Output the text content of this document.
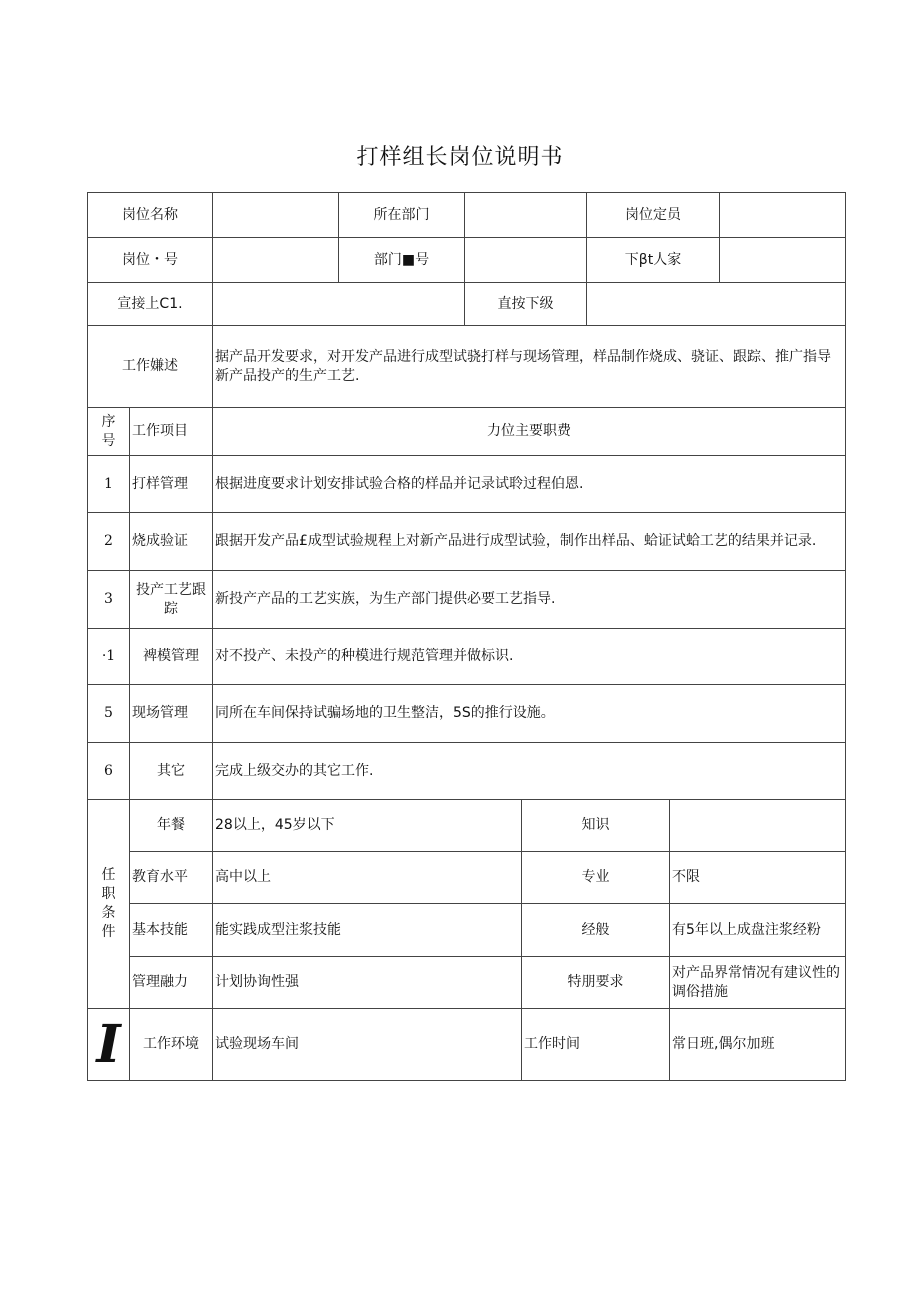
打样组长岗位说明书
岗位名称			所在部门			岗位定员		
岗位・号			部门■号			下βt人家		
宣接上C1.				直按下级				
工作嫌述		据产品开发要求，对开发产品进行成型试骁打样与现场管理，样品制作烧成、骁证、跟踪、推广指导新产品投产的生产工艺.						

序
号	工作项目	力位主要职费						
1	打样管理	根据进度要求计划安排试验合格的样品并记录试聆过程伯恩.						
2	烧成验证	跟据开发产品£成型试验规程上对新产品进行成型试验，制作出样品、蛤证试蛤工艺的结果并记录.						
3	投产工艺跟踪	新投产产品的工艺实族，为生产部门提供必要工艺指导.						
·1	裨模管理	对不投产、未投产的种模进行规范管理并做标识.						
5	现场管理	同所在车间保持试骗场地的卫生整洁，5S的推行设施。						
6	其它	完成上级交办的其它工作.						

任
职
条
件	年餐	28以上，45岁以下			知识			
	教育水平	高中以上			专业		不限	
	基本技能	能实践成型注浆技能			经般		有5年以上成盘注浆经粉	
	管理融力	计划协询性强			特朋要求		对产品界常情况有建议性的调俗措施	
I	工作环境	试验现场车间			工作时间		常日班,偶尔加班	
